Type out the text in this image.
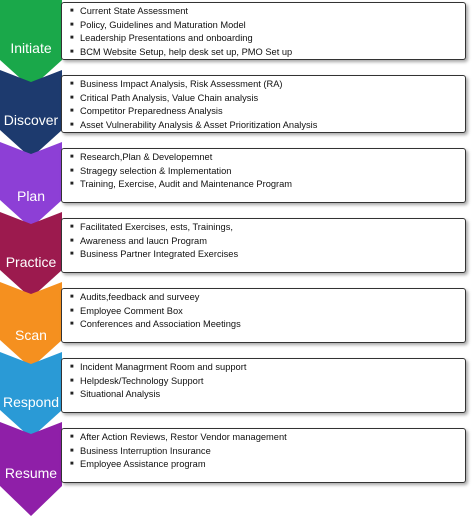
Initiate
■ Current State Assessment
■ Policy, Guidelines and Maturation Model
■ Leadership Presentations and onboarding
■ BCM Website Setup, help desk set up, PMO Set up
Discover
■ Business Impact Analysis, Risk Assessment (RA)
■ Critical Path Analysis, Value Chain analysis
■ Competitor Preparedness Analysis
■ Asset Vulnerability Analysis & Asset Prioritization Analysis
Plan
■ Research,Plan & Developemnet
■ Stragegy selection & Implementation
■ Training, Exercise, Audit and Maintenance Program
Practice
■ Facilitated Exercises, ests, Trainings,
■ Awareness and laucn Program
■ Business Partner Integrated Exercises
Scan
■ Audits,feedback and surveey
■ Employee Comment Box
■ Conferences and Association Meetings
Respond
■ Incident Managrment Room and support
■ Helpdesk/Technology Support
■ Situational Analysis
Resume
■ After Action Reviews, Restor Vendor management
■ Business Interruption Insurance
■ Employee Assistance program
